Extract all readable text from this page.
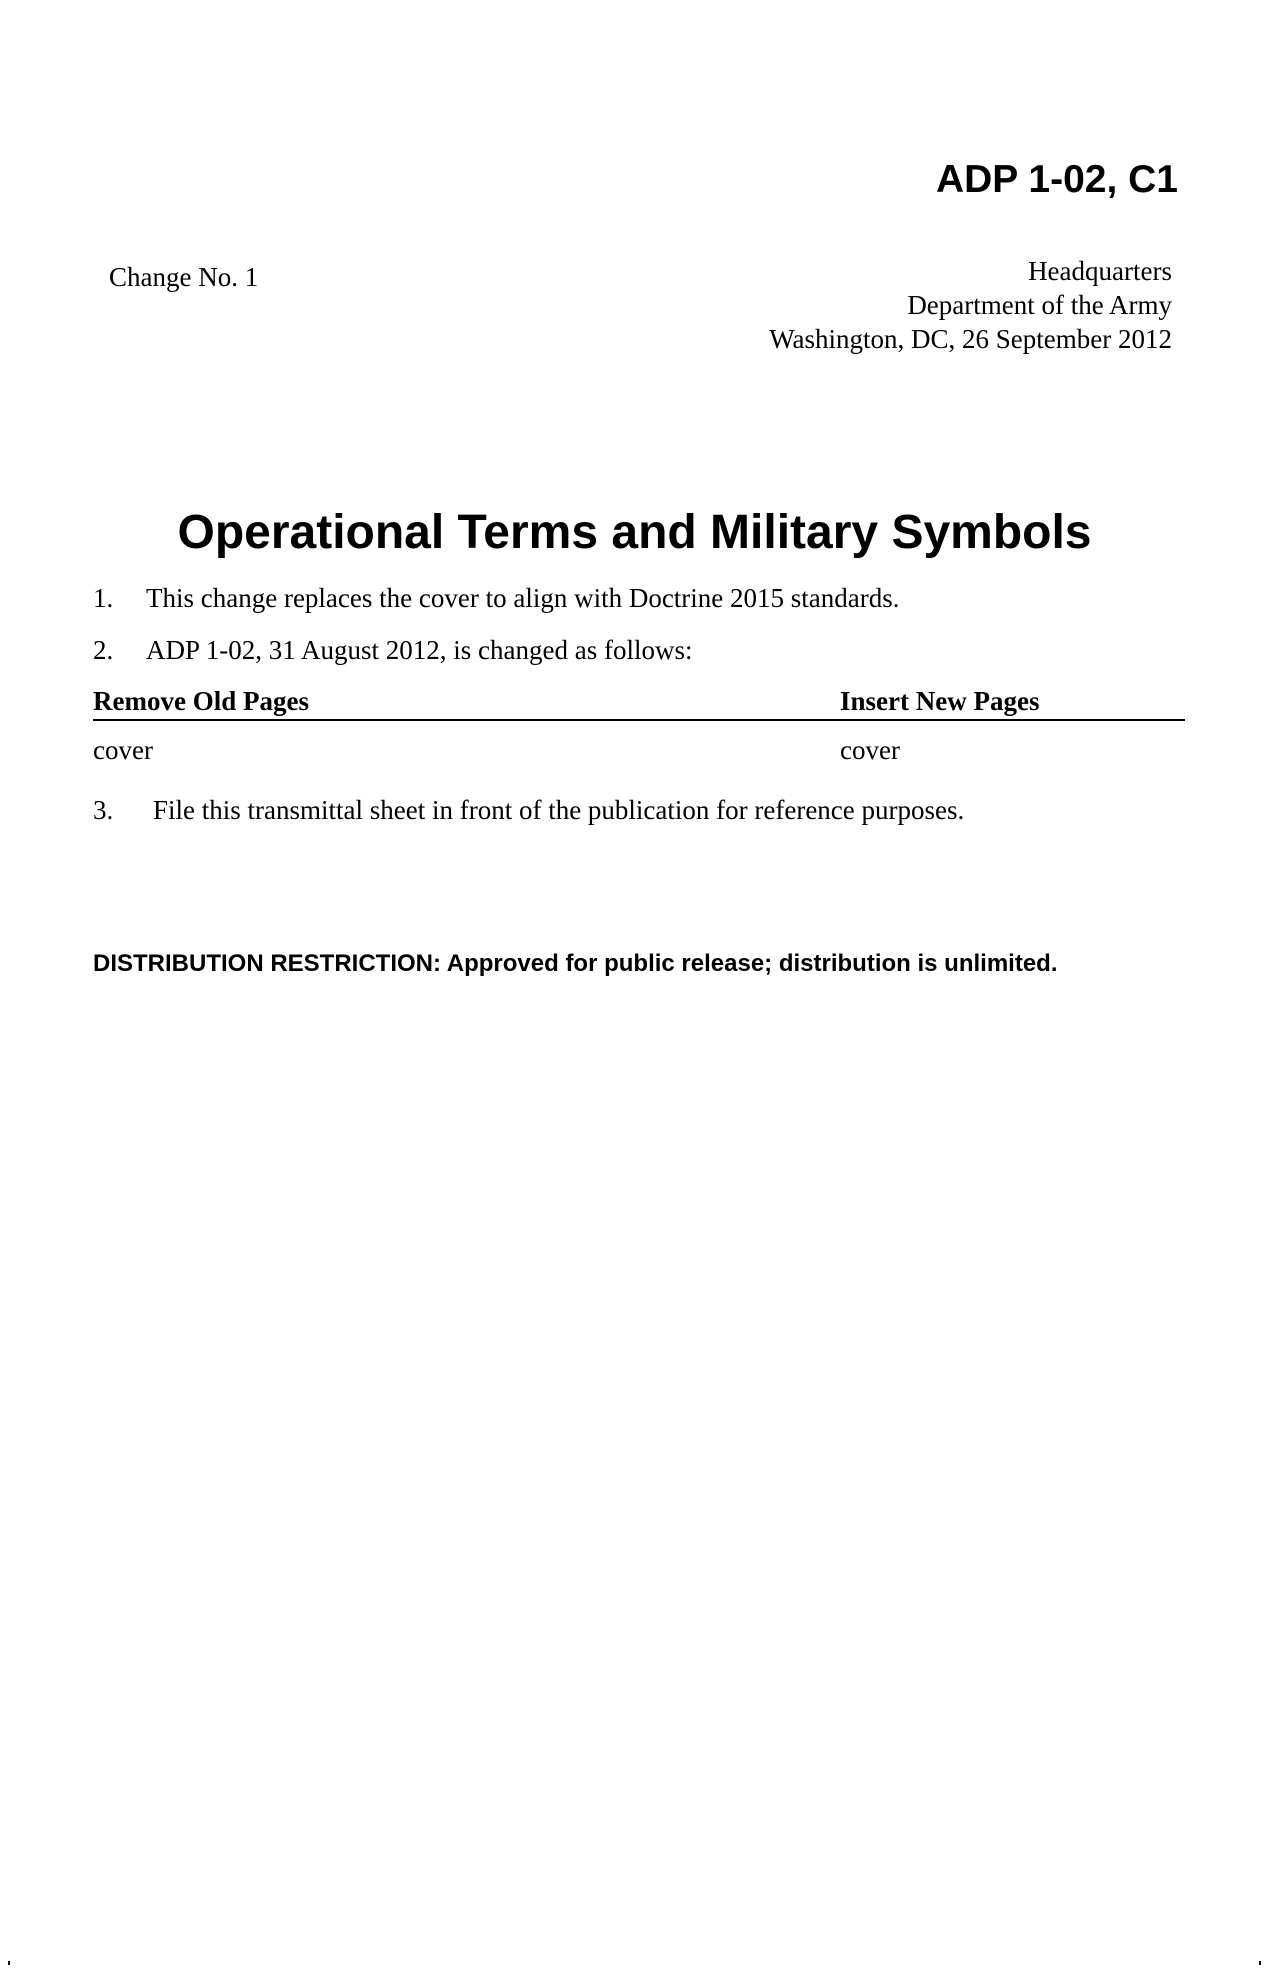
ADP 1-02, C1
Change No. 1	Headquarters
Department of the Army
Washington, DC, 26 September 2012
Operational Terms and Military Symbols
1. This change replaces the cover to align with Doctrine 2015 standards.
2. ADP 1-02, 31 August 2012, is changed as follows:
Remove Old Pages	Insert New Pages
cover	cover
3. File this transmittal sheet in front of the publication for reference purposes.
DISTRIBUTION RESTRICTION: Approved for public release; distribution is unlimited.
